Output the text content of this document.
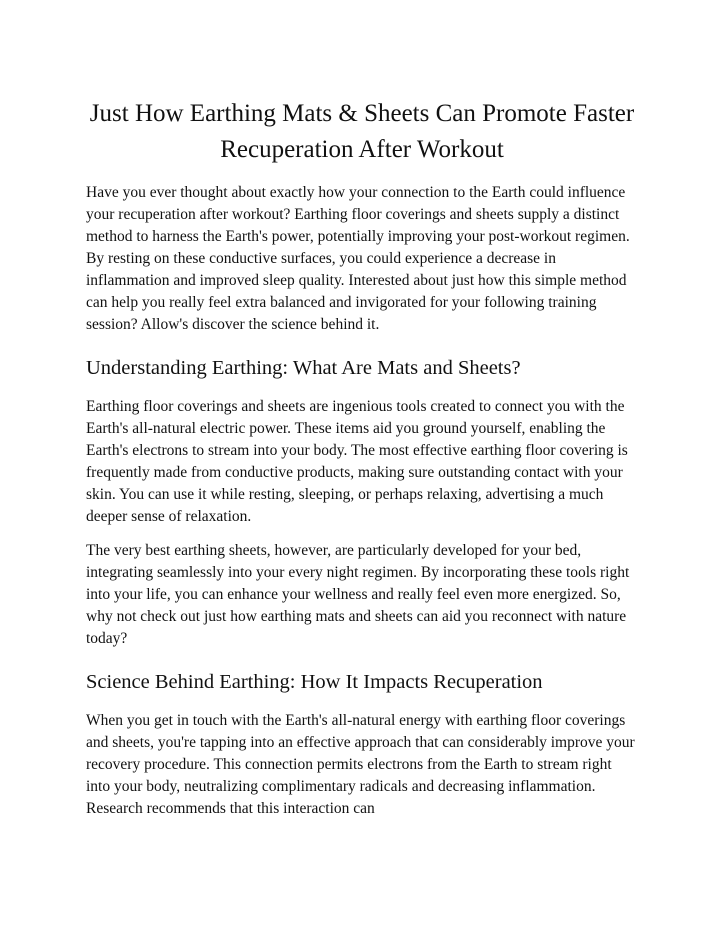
Just How Earthing Mats & Sheets Can Promote Faster Recuperation After Workout

Have you ever thought about exactly how your connection to the Earth could influence your recuperation after workout? Earthing floor coverings and sheets supply a distinct method to harness the Earth's power, potentially improving your post-workout regimen. By resting on these conductive surfaces, you could experience a decrease in inflammation and improved sleep quality. Interested about just how this simple method can help you really feel extra balanced and invigorated for your following training session? Allow's discover the science behind it.

Understanding Earthing: What Are Mats and Sheets?

Earthing floor coverings and sheets are ingenious tools created to connect you with the Earth's all-natural electric power. These items aid you ground yourself, enabling the Earth's electrons to stream into your body. The most effective earthing floor covering is frequently made from conductive products, making sure outstanding contact with your skin. You can use it while resting, sleeping, or perhaps relaxing, advertising a much deeper sense of relaxation.

The very best earthing sheets, however, are particularly developed for your bed, integrating seamlessly into your every night regimen. By incorporating these tools right into your life, you can enhance your wellness and really feel even more energized. So, why not check out just how earthing mats and sheets can aid you reconnect with nature today?

Science Behind Earthing: How It Impacts Recuperation

When you get in touch with the Earth's all-natural energy with earthing floor coverings and sheets, you're tapping into an effective approach that can considerably improve your recovery procedure. This connection permits electrons from the Earth to stream right into your body, neutralizing complimentary radicals and decreasing inflammation. Research recommends that this interaction can
